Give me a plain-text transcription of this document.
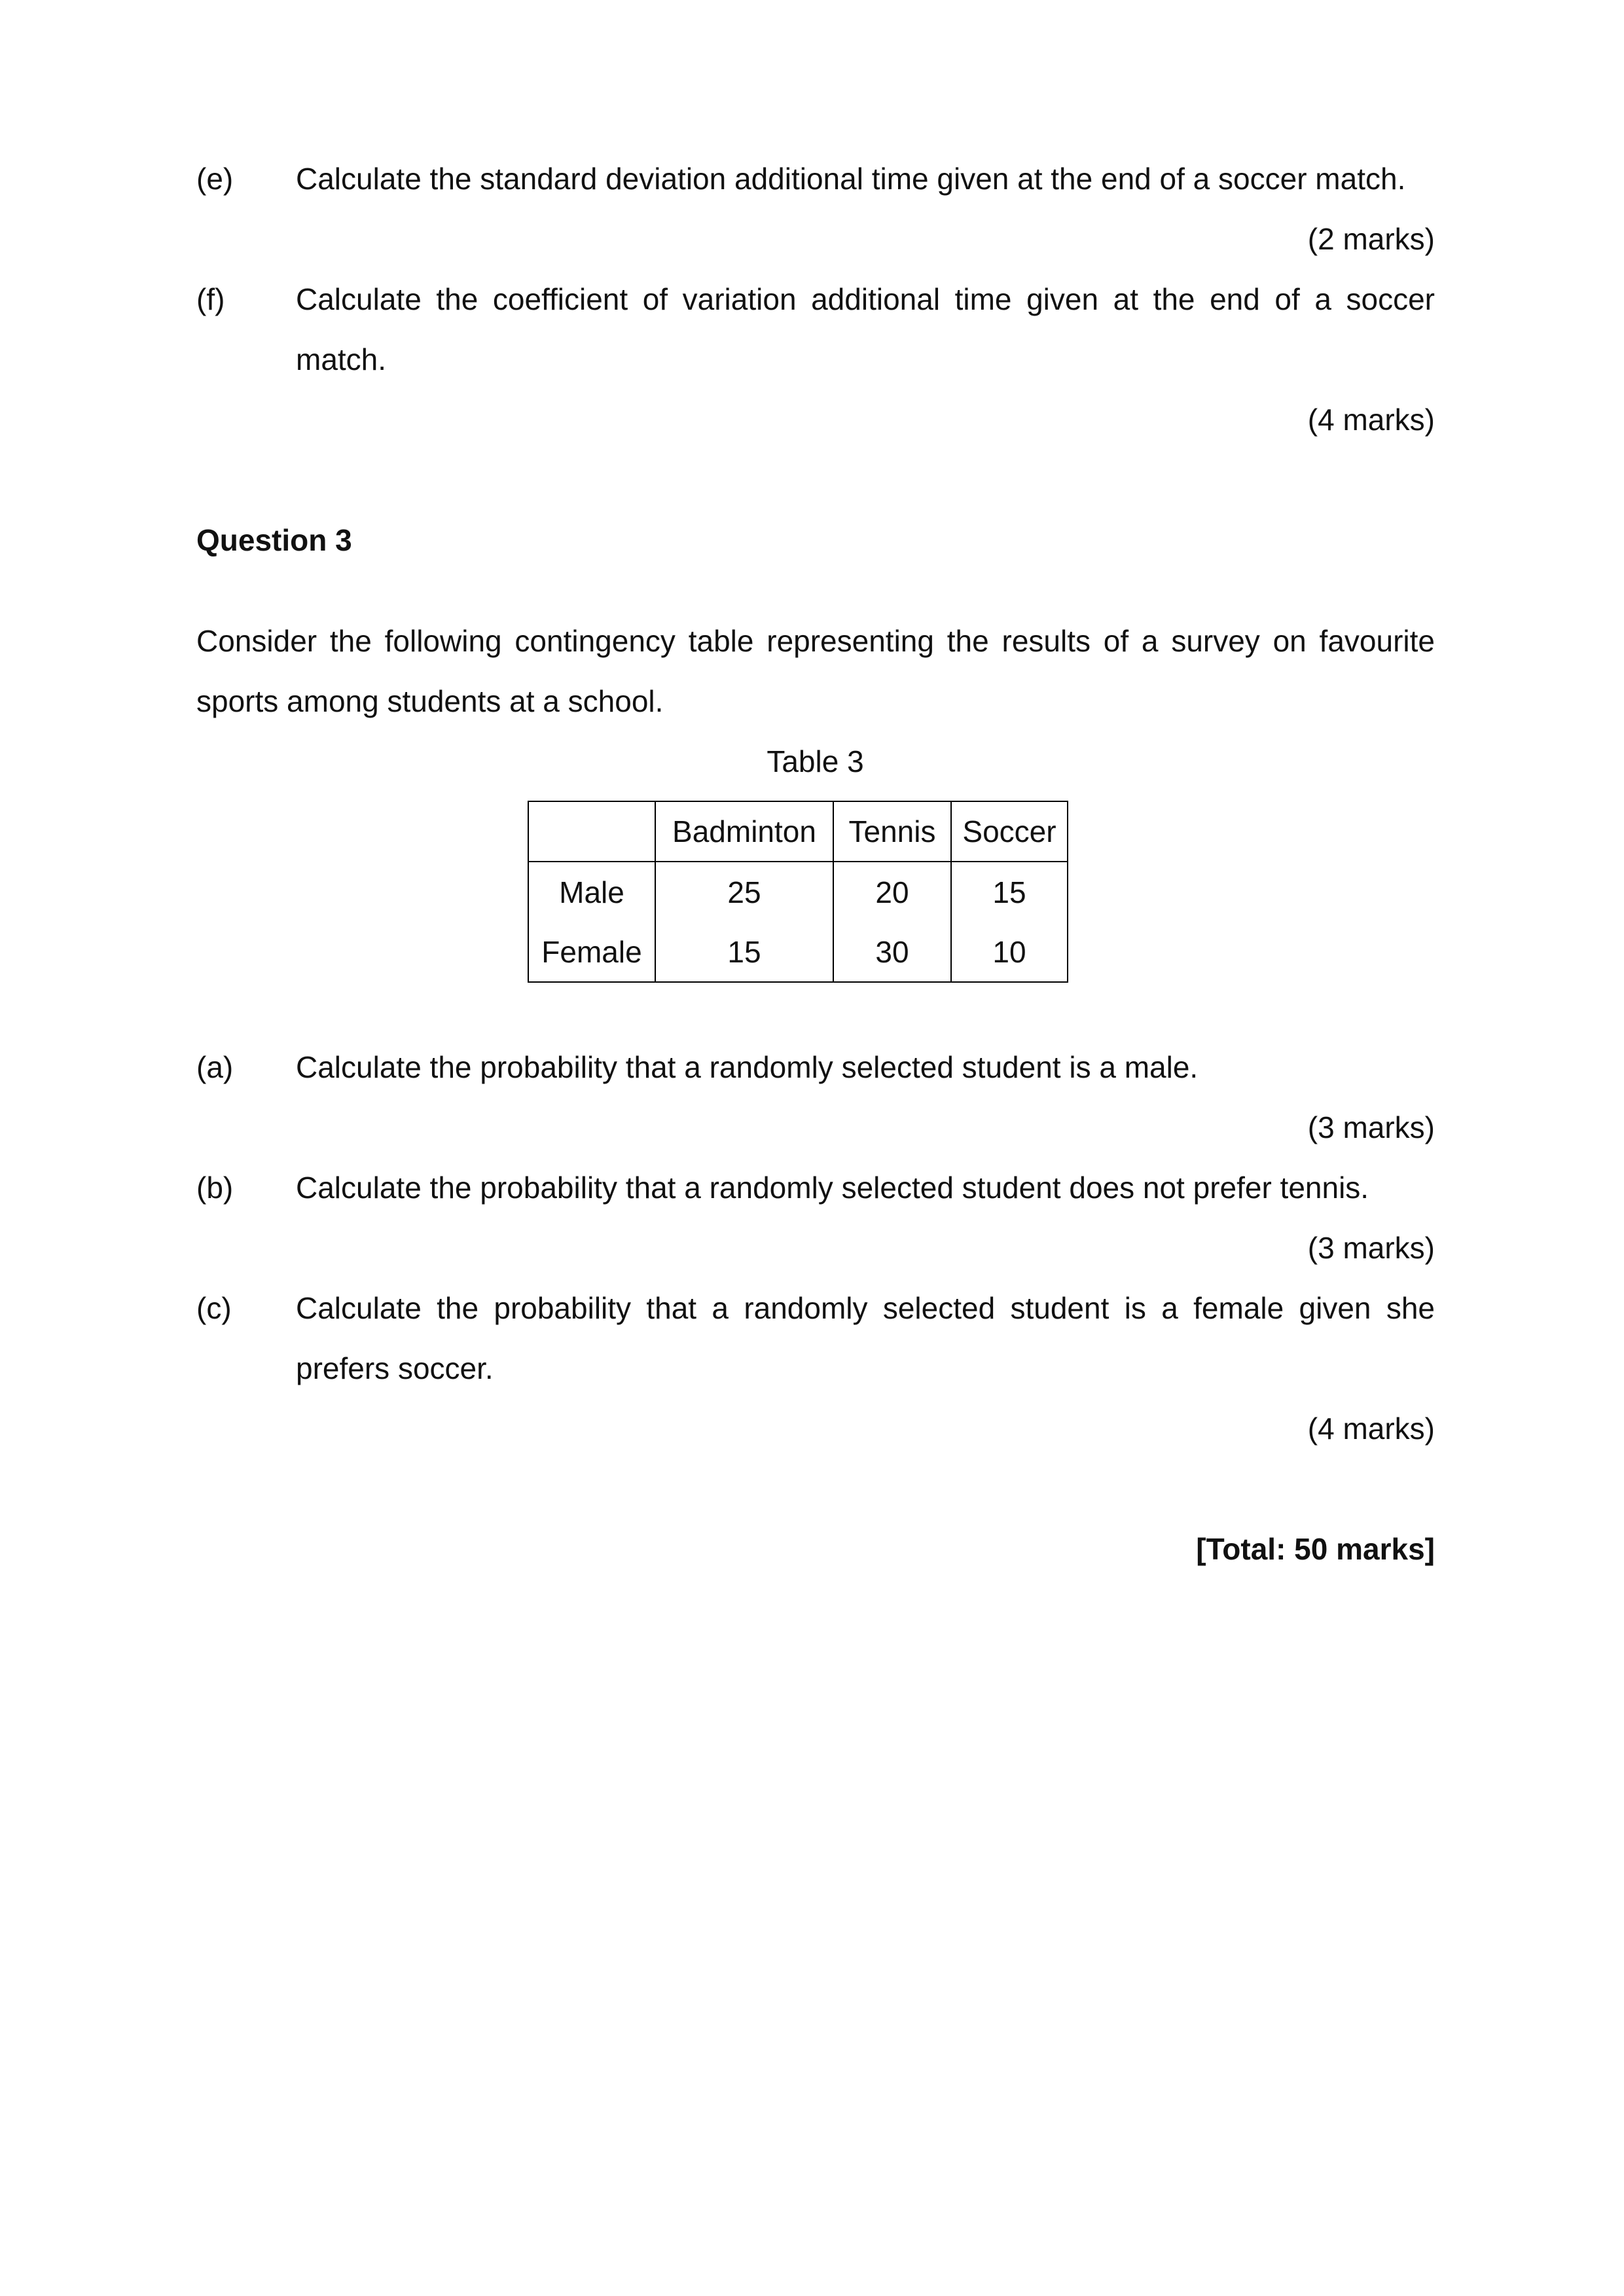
(e) Calculate the standard deviation additional time given at the end of a soccer match.
(2 marks)
(f) Calculate the coefficient of variation additional time given at the end of a soccer match.
(4 marks)
Question 3
Consider the following contingency table representing the results of a survey on favourite sports among students at a school.
Table 3
	Badminton	Tennis	Soccer
Male	25	20	15
Female	15	30	10
(a) Calculate the probability that a randomly selected student is a male.
(3 marks)
(b) Calculate the probability that a randomly selected student does not prefer tennis.
(3 marks)
(c) Calculate the probability that a randomly selected student is a female given she prefers soccer.
(4 marks)
[Total: 50 marks]
